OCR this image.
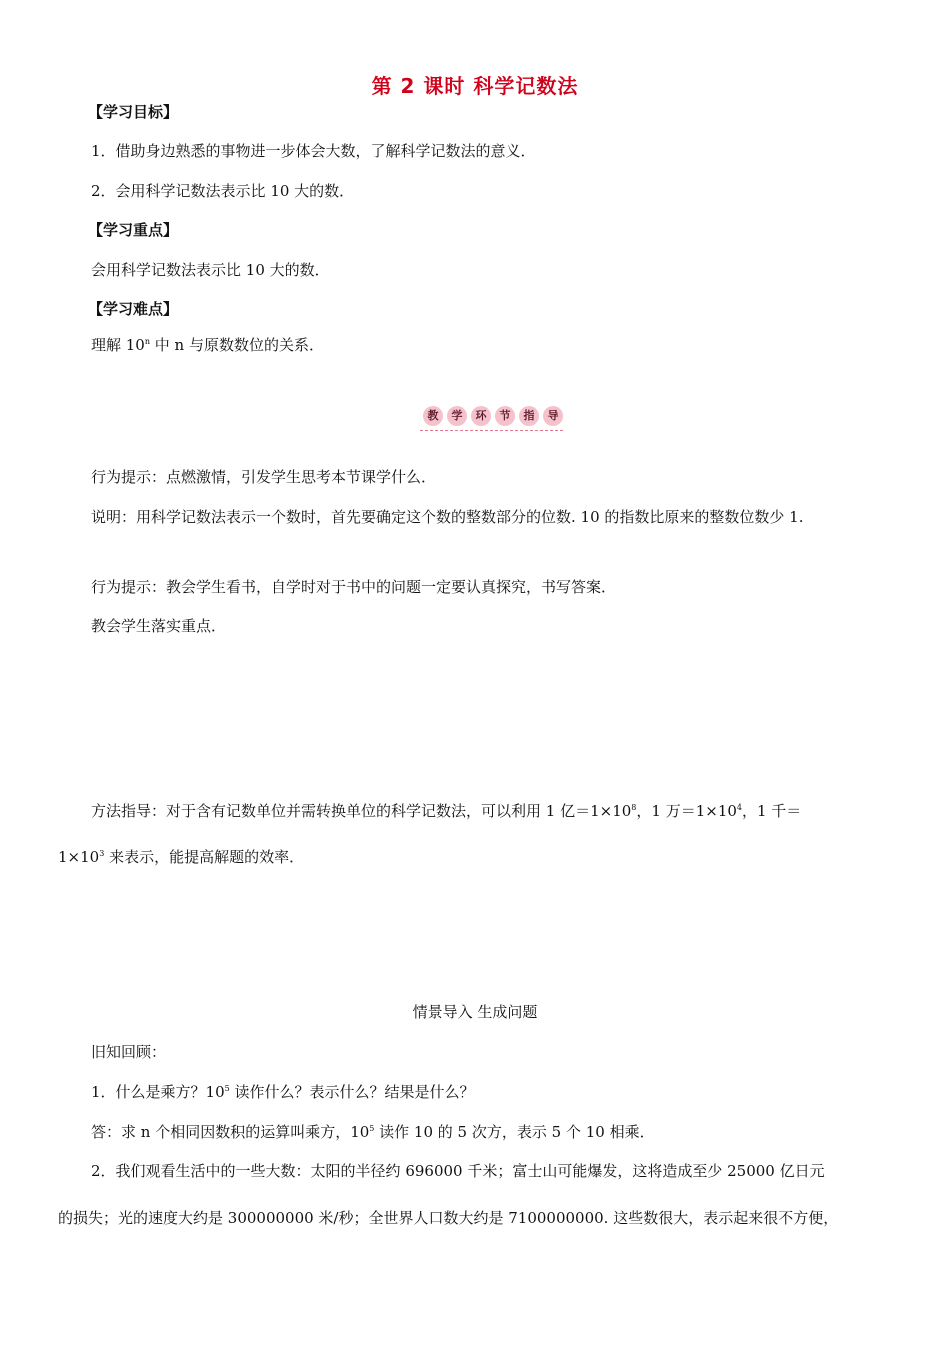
第 2 课时 科学记数法
【学习目标】
1．借助身边熟悉的事物进一步体会大数，了解科学记数法的意义．
2．会用科学记数法表示比 10 大的数．
【学习重点】
会用科学记数法表示比 10 大的数．
【学习难点】
理解 10$^n$ 中 n 与原数数位的关系．
教	学	环	节	指	导
行为提示：点燃激情，引发学生思考本节课学什么．
说明：用科学记数法表示一个数时，首先要确定这个数的整数部分的位数. 10 的指数比原来的整数位数少 1.
行为提示：教会学生看书，自学时对于书中的问题一定要认真探究，书写答案．
教会学生落实重点．
方法指导：对于含有记数单位并需转换单位的科学记数法，可以利用 1 亿$=1\times 10^8$，1 万$=1\times 10^4$，1 千＝
$1\times 10^3$ 来表示，能提高解题的效率．
情景导入 生成问题
旧知回顾：
1．什么是乘方？$10^5$ 读作什么？表示什么？结果是什么？
答：求 n 个相同因数积的运算叫乘方，$10^5$ 读作 10 的 5 次方，表示 5 个 10 相乘．
2．我们观看生活中的一些大数：太阳的半径约 696000 千米；富士山可能爆发，这将造成至少 25000 亿日元
的损失；光的速度大约是 300000000 米/秒；全世界人口数大约是 7100000000. 这些数很大，表示起来很不方便，
